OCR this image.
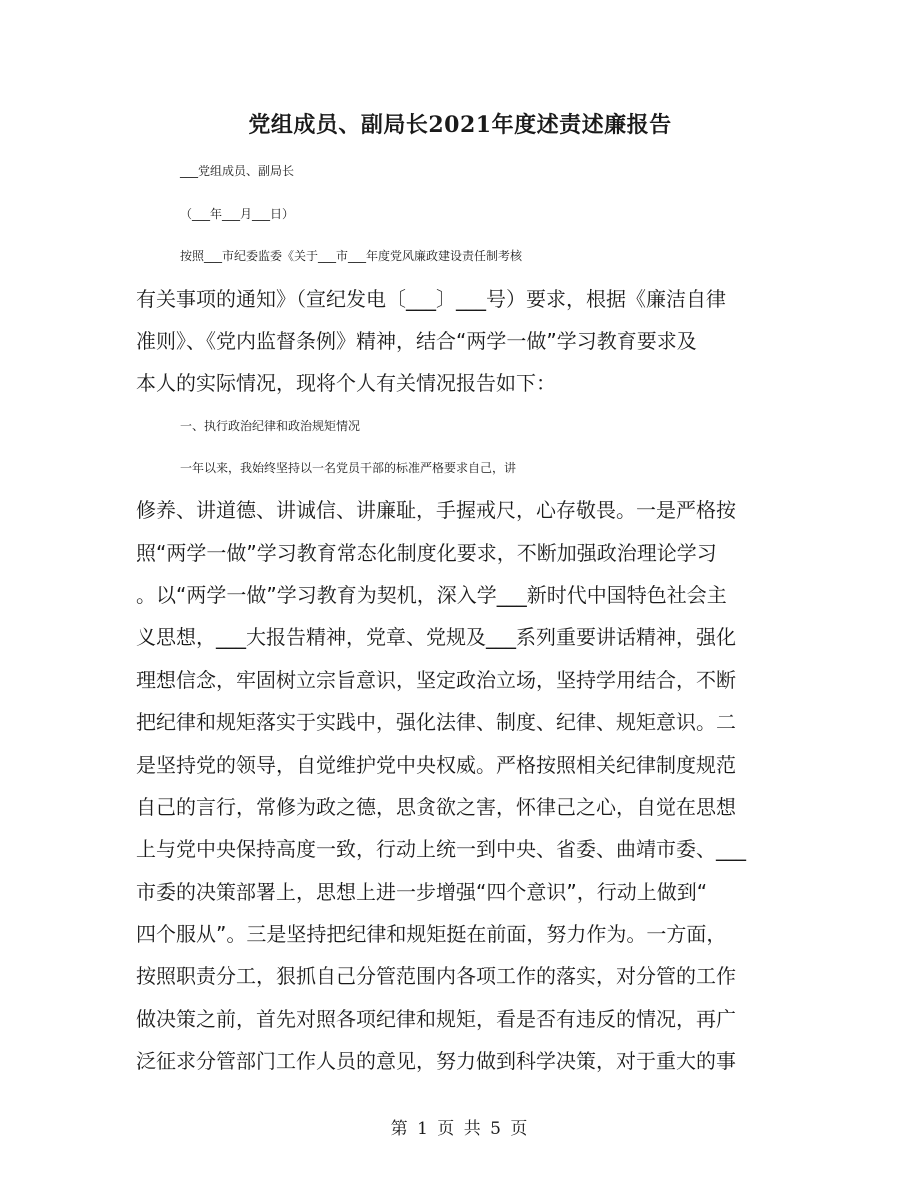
党组成员、副局长2021年度述责述廉报告

___党组成员、副局长

（___年___月___日）

按照___市纪委监委《关于___市___年度党风廉政建设责任制考核

有关事项的通知》（宣纪发电〔___〕___号）要求，根据《廉洁自律

准则》、《党内监督条例》精神，结合“两学一做”学习教育要求及

本人的实际情况，现将个人有关情况报告如下：

一、执行政治纪律和政治规矩情况

一年以来，我始终坚持以一名党员干部的标准严格要求自己，讲

修养、讲道德、讲诚信、讲廉耻，手握戒尺，心存敬畏。一是严格按

照“两学一做”学习教育常态化制度化要求，不断加强政治理论学习

。以“两学一做”学习教育为契机，深入学___新时代中国特色社会主

义思想，___大报告精神，党章、党规及___系列重要讲话精神，强化

理想信念，牢固树立宗旨意识，坚定政治立场，坚持学用结合，不断

把纪律和规矩落实于实践中，强化法律、制度、纪律、规矩意识。二

是坚持党的领导，自觉维护党中央权威。严格按照相关纪律制度规范

自己的言行，常修为政之德，思贪欲之害，怀律己之心，自觉在思想

上与党中央保持高度一致，行动上统一到中央、省委、曲靖市委、___

市委的决策部署上，思想上进一步增强“四个意识”，行动上做到“

四个服从”。三是坚持把纪律和规矩挺在前面，努力作为。一方面，

按照职责分工，狠抓自己分管范围内各项工作的落实，对分管的工作

做决策之前，首先对照各项纪律和规矩，看是否有违反的情况，再广

泛征求分管部门工作人员的意见，努力做到科学决策，对于重大的事

第 1 页 共 5 页
